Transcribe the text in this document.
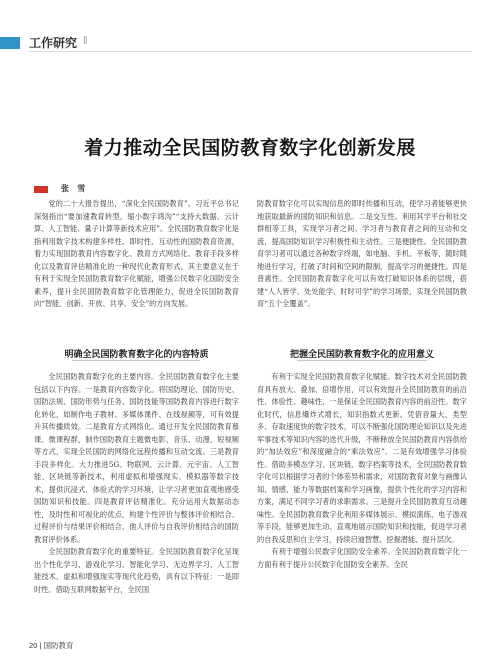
工作研究 ‖
着力推动全民国防教育数字化创新发展
张 雪

党的二十大报告提出，“深化全民国防教育”。习近平总书记深刻指出“要加速教育转型，缩小数字鸿沟”“支持大数据、云计算、人工智能、量子计算等新技术应用”。全民国防教育数字化是指利用数字技术构建多样性、即时性、互动性的国防教育资源，着力实现国防教育内容数字化、教育方式网络化、教育手段多样化以及教育评估精准化的一种现代化教育形式。其主要意义在于有利于实现全民国防教育数字化赋能，增强公民数字化国防安全素养，提升全民国防教育数字化管理能力，促进全民国防教育向“智能、创新、开放、共享、安全”的方向发展。

防教育数字化可以实现信息的即时传播和互动，使学习者能够更快地获取最新的国防知识和信息。二是交互性。利用其学平台和社交群组等工具，实现学习者之间、学习者与教育者之间的互动和交流，提高国防知识学习积极性和主动性。三是便捷性。全民国防教育学习者可以通过各种数字终端，如电脑、手机、平板等，随时随地进行学习，打破了时间和空间的限制，提高学习的便捷性。四是普惠性。全民国防教育数字化可以有效打破知识体系的层级，搭建“人人皆学、处处能学、时时可学”的学习场景，实现全民国防教育“五个全覆盖”。

明确全民国防教育数字化的内容特质	把握全民国防教育数字化的应用意义

全民国防教育数字化的主要内容。全民国防教育数字化主要包括以下内容。一是教育内容数字化。将国防理论、国防历史、国防法规、国防形势与任务、国防技能等国防教育内容进行数字化转化，如制作电子教材、多媒体课件、在线视频等，可有效提升其传播质效。二是教育方式网络化。通过开发全民国防教育慕课、微课程群，制作国防教育主题微电影、音乐、动漫、短视频等方式，实现全民国防的网络化远程传播和互动交流。三是教育手段多样化。大力推进5G、物联网、云计算、元宇宙、人工智能、区块链等新技术，利用虚拟和增强现实、模拟器等数字技术，提供沉浸式、体验式的学习环境，让学习者更加直观地感受国防知识和技能。四是教育评估精准化。充分运用大数据动态性，及时性和可视化的优点，构建个性评价与整体评价相结合、过程评价与结果评价相结合、他人评价与自我评价相结合的国防教育评价体系。

全民国防教育数字化的重要特征。全民国防教育数字化呈现出个性化学习、游戏化学习、智能化学习、无边界学习、人工智能技术、虚拟和增强现实等现代化趋势，具有以下特征：一是即时性。借助互联网数据平台，全民国

有利于实现全民国防教育数字化赋能。数字技术对全民国防教育具有放大、叠加、倍增作用，可以有效提升全民国防教育的前沿性、体验性、趣味性，一是保证全民国防教育内容的前沿性。数字化时代，信息爆炸式增长，知识指数式更新。凭借音量大、类型多、存取速度快的数字技术，可以不断强化国防理论知识以及先进军事技术等知识内容的迭代升级，不断释放全民国防教育内容供给的“加法效应”和深度融合的“乘法效应”。二是有效增强学习体验性。借助多模态学习、区块链、数字档案等技术，全民国防教育数字化可以根据学习者的个体差异和需求，对国防教育对象与画像认知、情感、能力等数据档案和学习画像，提供个性化的学习内容和方案，满足不同学习者的求职需求。三是提升全民国防教育互动趣味性。全民国防教育数字化利用多媒体展示、模拟演练、电子游戏等手段，能够更加生动、直观地展示国防知识和技能，促进学习者的自我反思和自主学习，持续启迪智慧、挖掘潜能、提升层次。

有利于增强公民数字化国防安全素养。全民国防教育数字化一方面有利于提升公民数字化国防安全素养。全民

20 | 国防教育
